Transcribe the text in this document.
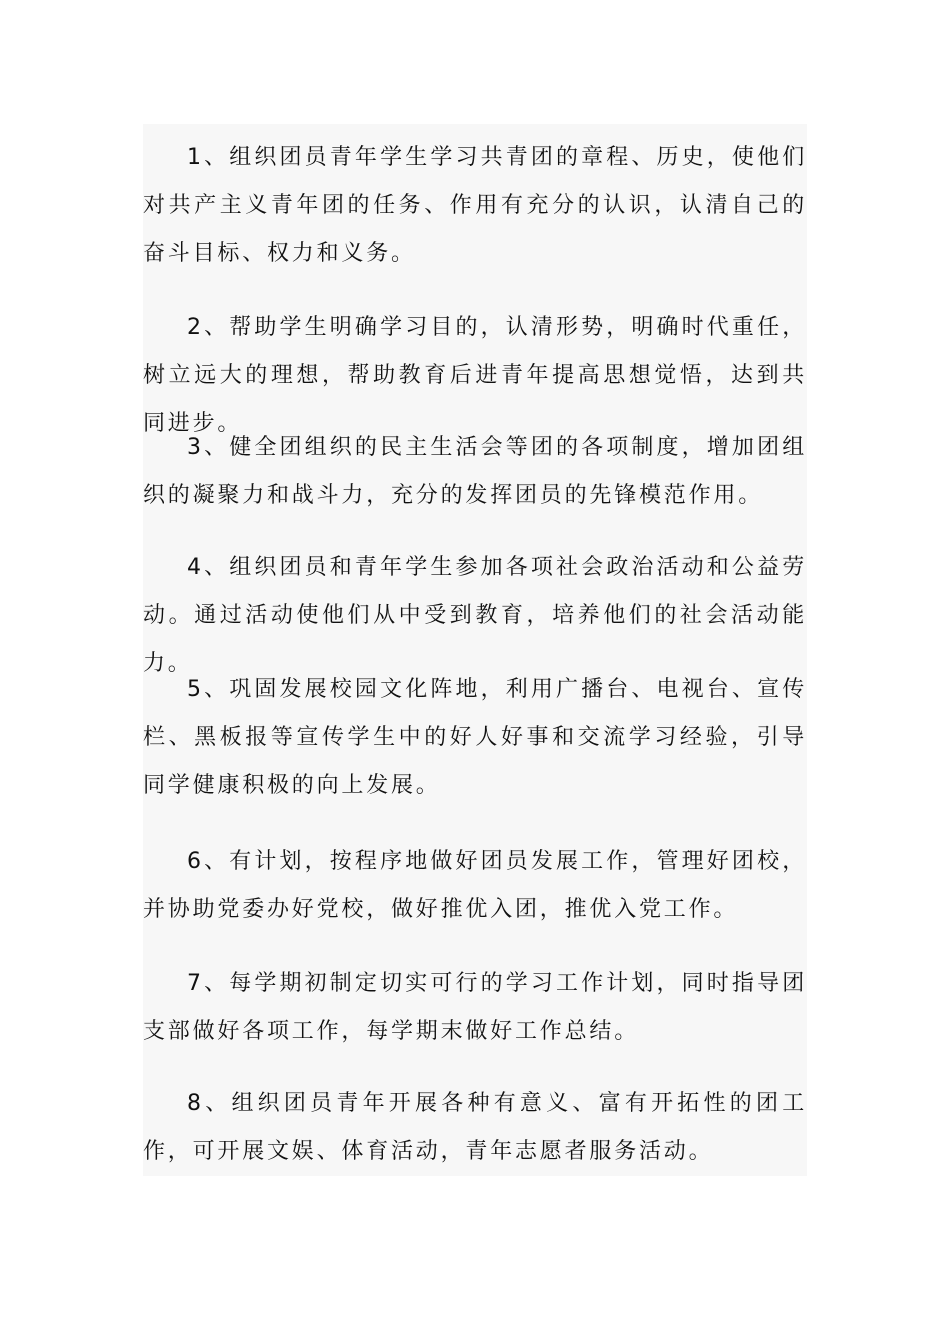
1、组织团员青年学生学习共青团的章程、历史，使他们对共产主义青年团的任务、作用有充分的认识，认清自己的奋斗目标、权力和义务。

2、帮助学生明确学习目的，认清形势，明确时代重任，树立远大的理想，帮助教育后进青年提高思想觉悟，达到共同进步。

3、健全团组织的民主生活会等团的各项制度，增加团组织的凝聚力和战斗力，充分的发挥团员的先锋模范作用。

4、组织团员和青年学生参加各项社会政治活动和公益劳动。通过活动使他们从中受到教育，培养他们的社会活动能力。

5、巩固发展校园文化阵地，利用广播台、电视台、宣传栏、黑板报等宣传学生中的好人好事和交流学习经验，引导同学健康积极的向上发展。

6、有计划，按程序地做好团员发展工作，管理好团校，并协助党委办好党校，做好推优入团，推优入党工作。

7、每学期初制定切实可行的学习工作计划，同时指导团支部做好各项工作，每学期末做好工作总结。

8、组织团员青年开展各种有意义、富有开拓性的团工作，可开展文娱、体育活动，青年志愿者服务活动。
